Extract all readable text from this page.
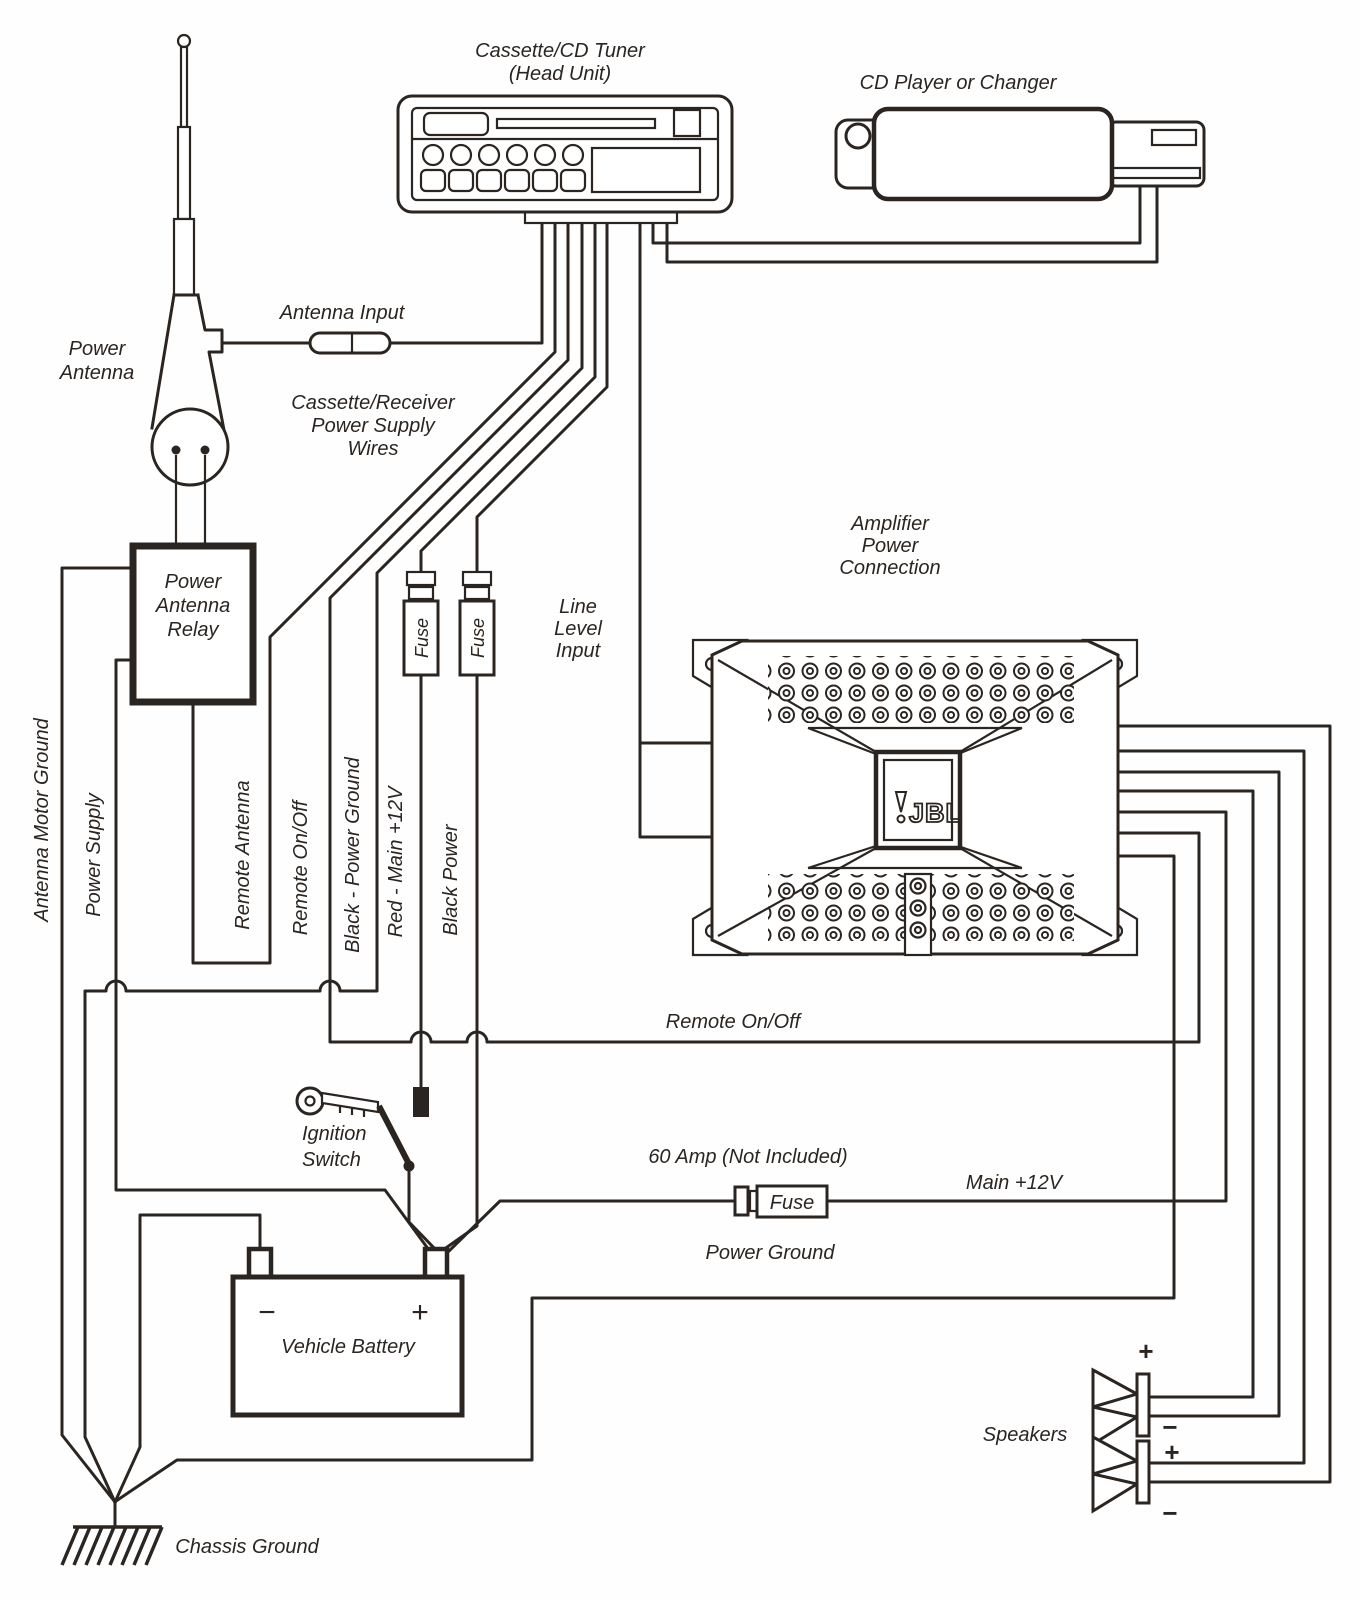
Cassette/CD Tuner
(Head Unit)	CD Player or Changer
Power
Antenna
Antenna Input
Cassette/Receiver
Power Supply
Wires
Power
Antenna
Relay
Amplifier
Power
Connection
Line
Level
Input
Antenna Motor Ground Power Supply	Remote Antenna Remote On/Off Black - Power Ground Red - Main +12V Black Power
Fuse Fuse
Fuse
Remote On/Off
Ignition
Switch	60 Amp (Not Included)
Main +12V
Power Ground
Vehicle Battery
−	+
Speakers
+
−
+
−
Chassis Ground
JBL
